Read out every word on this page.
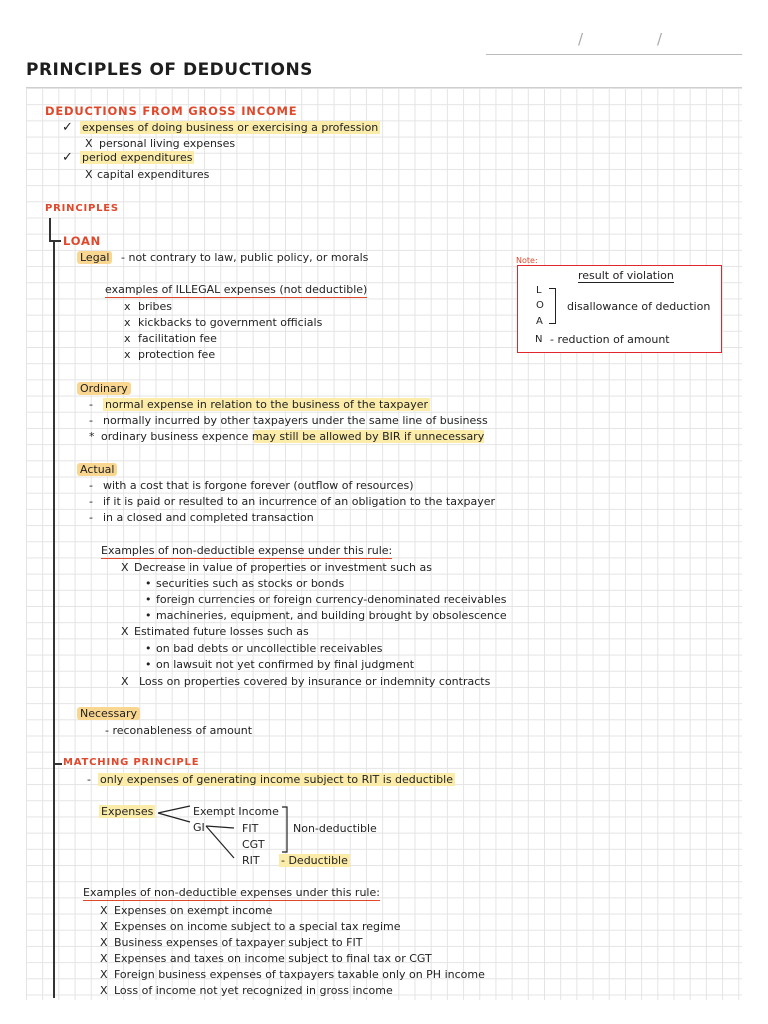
/	/
PRINCIPLES OF DEDUCTIONS
DEDUCTIONS FROM GROSS INCOME
✓ expenses of doing business or exercising a profession
X personal living expenses
✓ period expenditures
X capital expenditures
PRINCIPLES
LOAN
Legal - not contrary to law, public policy, or morals
examples of ILLEGAL expenses (not deductible)
x bribes
x kickbacks to government officials
x facilitation fee
x protection fee
Note:
result of violation
L
O
A
disallowance of deduction
N - reduction of amount
Ordinary
- normal expense in relation to the business of the taxpayer
- normally incurred by other taxpayers under the same line of business
* ordinary business expence may still be allowed by BIR if unnecessary
Actual
- with a cost that is forgone forever (outflow of resources)
- if it is paid or resulted to an incurrence of an obligation to the taxpayer
- in a closed and completed transaction
Examples of non-deductible expense under this rule:
X Decrease in value of properties or investment such as
• securities such as stocks or bonds
• foreign currencies or foreign currency-denominated receivables
• machineries, equipment, and building brought by obsolescence
X Estimated future losses such as
• on bad debts or uncollectible receivables
• on lawsuit not yet confirmed by final judgment
X Loss on properties covered by insurance or indemnity contracts
Necessary
- reconableness of amount
MATCHING PRINCIPLE
- only expenses of generating income subject to RIT is deductible
Expenses	Exempt Income
GI	FIT
CGT
Non-deductible
RIT - Deductible
Examples of non-deductible expenses under this rule:
X Expenses on exempt income
X Expenses on income subject to a special tax regime
X Business expenses of taxpayer subject to FIT
X Expenses and taxes on income subject to final tax or CGT
X Foreign business expenses of taxpayers taxable only on PH income
X Loss of income not yet recognized in gross income
